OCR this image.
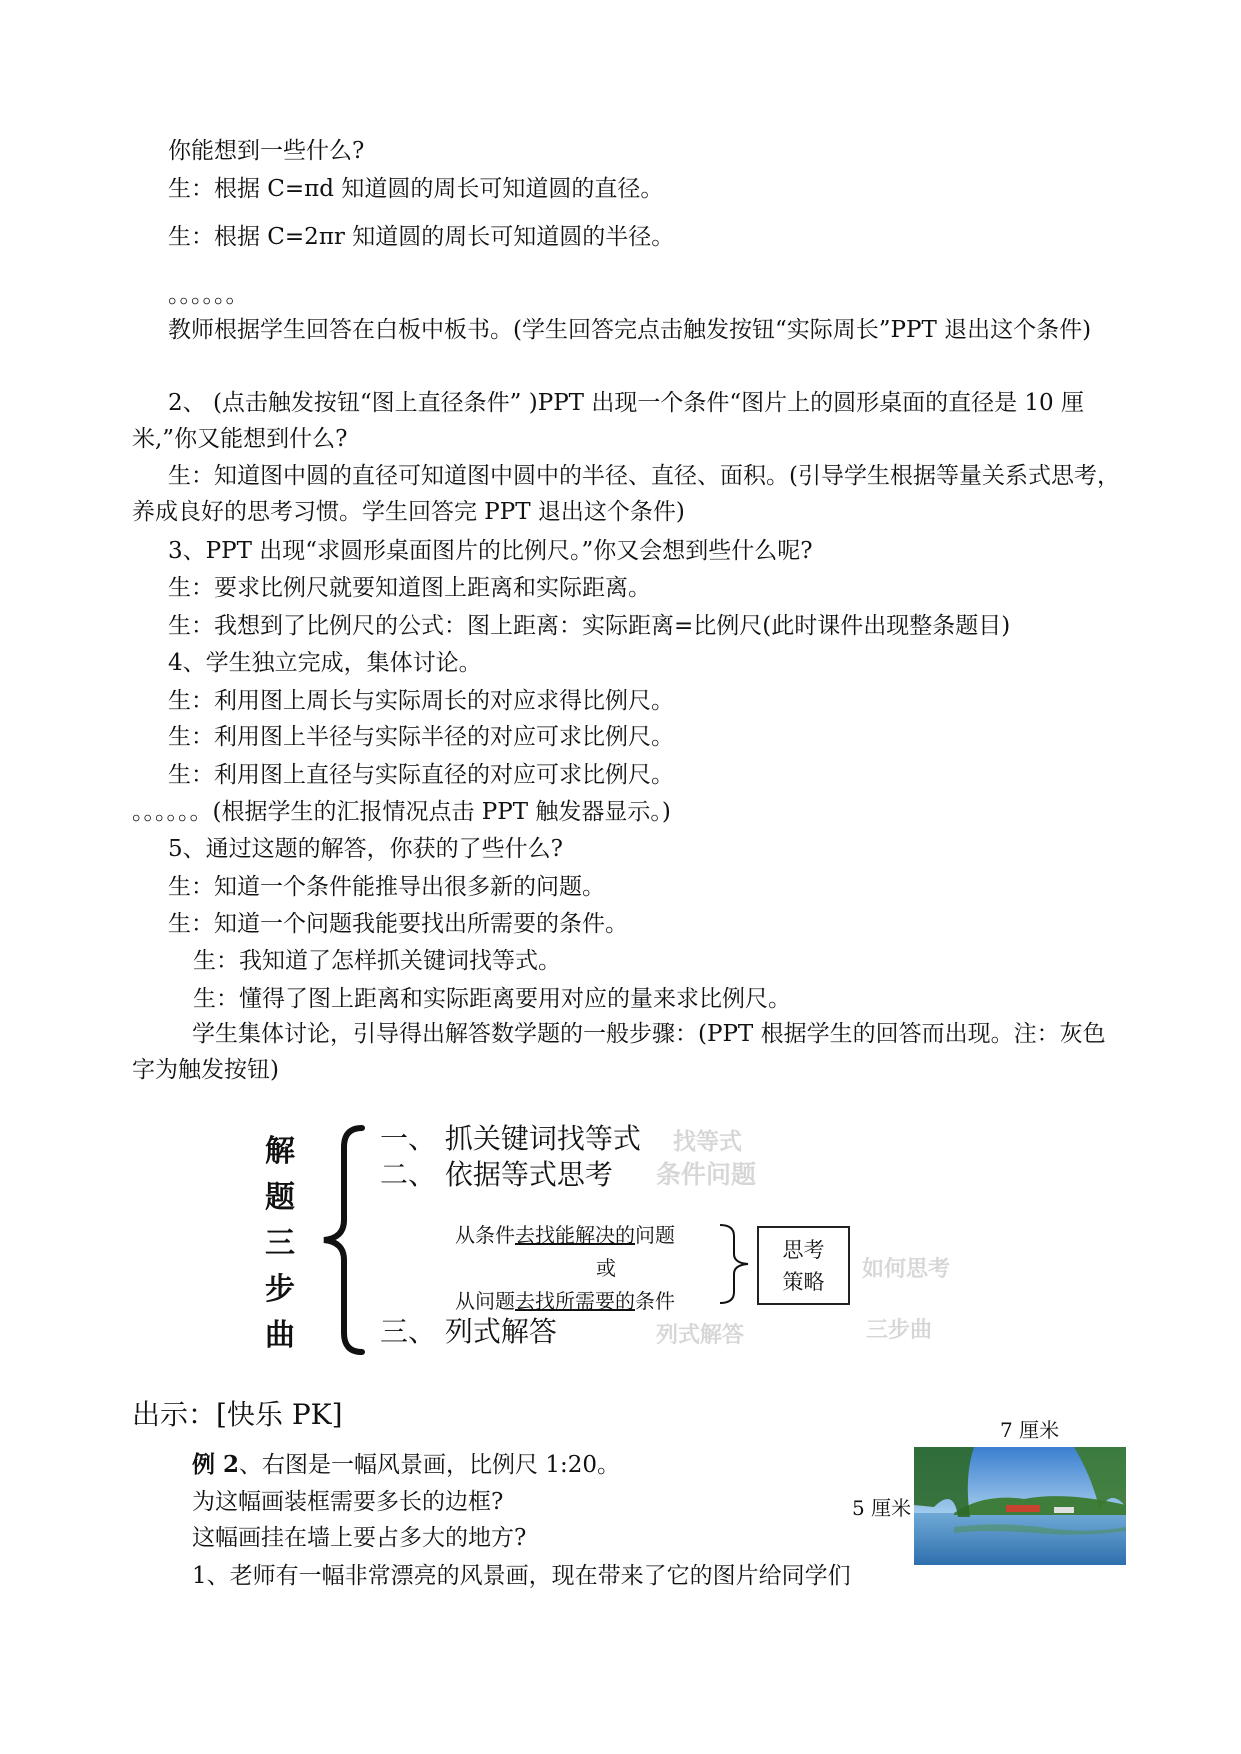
你能想到一些什么?
生：根据 C=πd 知道圆的周长可知道圆的直径。
生：根据 C=2πr 知道圆的周长可知道圆的半径。
。。。。。。
教师根据学生回答在白板中板书。(学生回答完点击触发按钮“实际周长”PPT 退出这个条件)
2、 (点击触发按钮“图上直径条件” )PPT 出现一个条件“图片上的圆形桌面的直径是 10 厘米,”你又能想到什么?
生：知道图中圆的直径可知道图中圆中的半径、直径、面积。(引导学生根据等量关系式思考，养成良好的思考习惯。学生回答完 PPT 退出这个条件)
3、PPT 出现“求圆形桌面图片的比例尺。”你又会想到些什么呢?
生：要求比例尺就要知道图上距离和实际距离。
生：我想到了比例尺的公式：图上距离：实际距离=比例尺(此时课件出现整条题目)
4、学生独立完成，集体讨论。
生：利用图上周长与实际周长的对应求得比例尺。
生：利用图上半径与实际半径的对应可求比例尺。
生：利用图上直径与实际直径的对应可求比例尺。
。。。。。。(根据学生的汇报情况点击 PPT 触发器显示。)
5、通过这题的解答，你获的了些什么?
生：知道一个条件能推导出很多新的问题。
生：知道一个问题我能要找出所需要的条件。
生：我知道了怎样抓关键词找等式。
生：懂得了图上距离和实际距离要用对应的量来求比例尺。
学生集体讨论，引导得出解答数学题的一般步骤：(PPT 根据学生的回答而出现。注：灰色字为触发按钮)
解
题
三
步
曲
一、 抓关键词找等式
二、 依据等式思考
三、 列式解答
从条件去找能解决的问题
或
从问题去找所需要的条件
思考
策略
找等式
条件问题
如何思考
列式解答	三步曲
出示：[快乐 PK]	7 厘米
5 厘米
例 2、右图是一幅风景画，比例尺 1:20。
为这幅画装框需要多长的边框?
这幅画挂在墙上要占多大的地方?
1、老师有一幅非常漂亮的风景画，现在带来了它的图片给同学们
